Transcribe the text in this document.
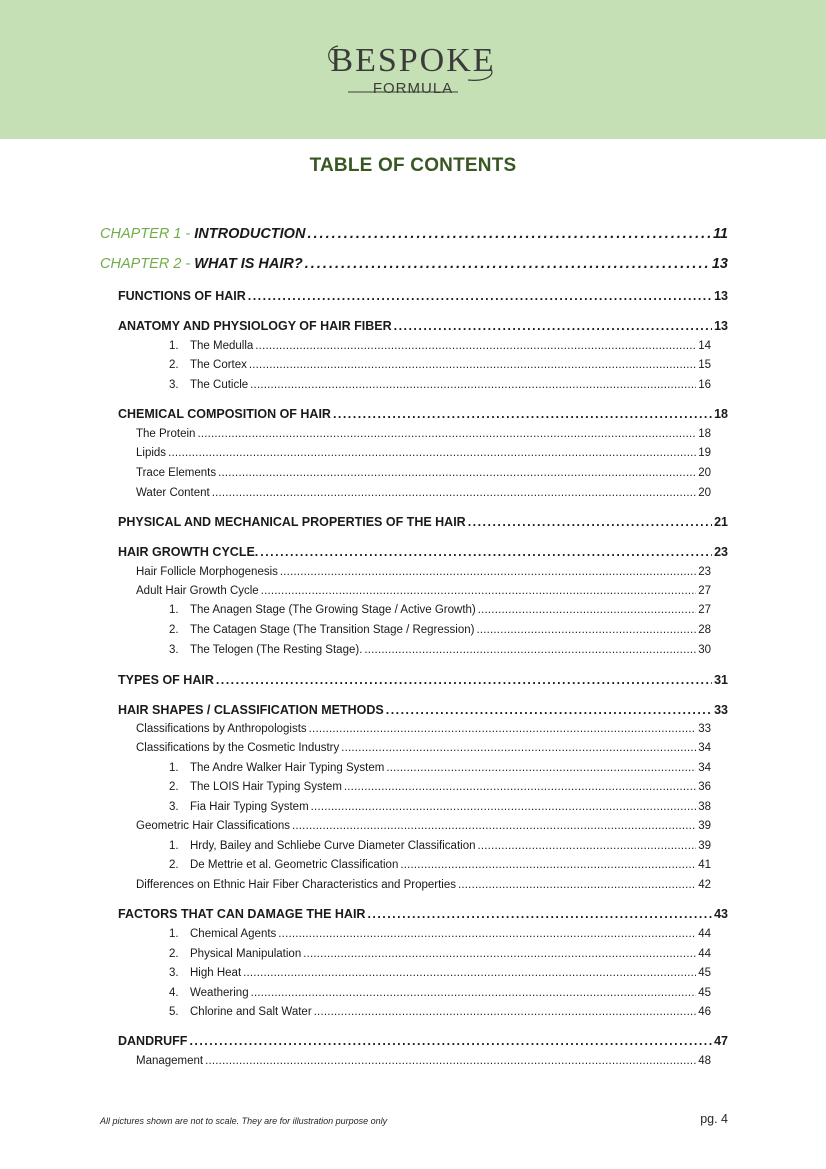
BESPOKE
FORMULA
TABLE OF CONTENTS
CHAPTER 1 - INTRODUCTION . . .	11
CHAPTER 2 - WHAT IS HAIR? . . .	13
FUNCTIONS OF HAIR . . .	13
ANATOMY AND PHYSIOLOGY OF HAIR FIBER . . .	13
1. The Medulla . . .	14
2. The Cortex . . .	15
3. The Cuticle . . .	16
CHEMICAL COMPOSITION OF HAIR . . .	18
The Protein . . .	18
Lipids . . .	19
Trace Elements . . .	20
Water Content . . .	20
PHYSICAL AND MECHANICAL PROPERTIES OF THE HAIR . . .	21
HAIR GROWTH CYCLE. . . .	23
Hair Follicle Morphogenesis . . .	23
Adult Hair Growth Cycle . . .	27
1. The Anagen Stage (The Growing Stage / Active Growth) . . .	27
2. The Catagen Stage (The Transition Stage / Regression) . . .	28
3. The Telogen (The Resting Stage). . . .	30
TYPES OF HAIR . . .	31
HAIR SHAPES / CLASSIFICATION METHODS . . .	33
Classifications by Anthropologists . . .	33
Classifications by the Cosmetic Industry . . .	34
1. The Andre Walker Hair Typing System . . .	34
2. The LOIS Hair Typing System . . .	36
3. Fia Hair Typing System . . .	38
Geometric Hair Classifications . . .	39
1. Hrdy, Bailey and Schliebe Curve Diameter Classification . . .	39
2. De Mettrie et al. Geometric Classification . . .	41
Differences on Ethnic Hair Fiber Characteristics and Properties . . .	42
FACTORS THAT CAN DAMAGE THE HAIR . . .	43
1. Chemical Agents . . .	44
2. Physical Manipulation . . .	44
3. High Heat . . .	45
4. Weathering . . .	45
5. Chlorine and Salt Water . . .	46
DANDRUFF . . .	47
Management . . .	48
All pictures shown are not to scale. They are for illustration purpose only	pg. 4
